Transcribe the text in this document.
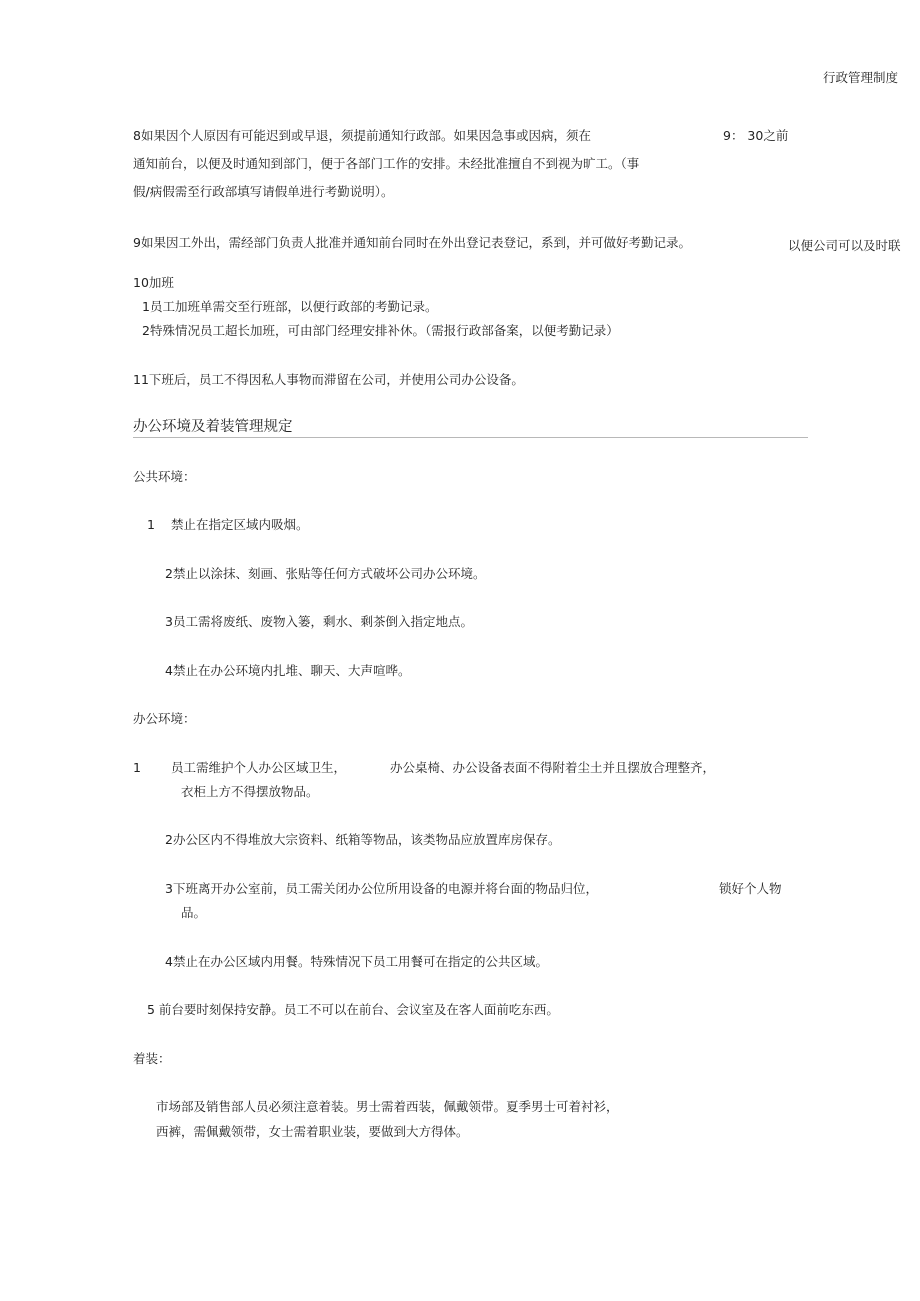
行政管理制度
8如果因个人原因有可能迟到或早退，须提前通知行政部。如果因急事或因病，须在	9： 30之前
通知前台，以便及时通知到部门，便于各部门工作的安排。未经批准擅自不到视为旷工。（事
假/病假需至行政部填写请假单进行考勤说明）。
9如果因工外出，需经部门负责人批准并通知前台同时在外出登记表登记，系到，并可做好考勤记录。	以便公司可以及时联
10加班
1员工加班单需交至行班部，以便行政部的考勤记录。
2特殊情况员工超长加班，可由部门经理安排补休。（需报行政部备案，以便考勤记录）
11下班后，员工不得因私人事物而滞留在公司，并使用公司办公设备。
办公环境及着装管理规定
公共环境：
1 禁止在指定区域内吸烟。
2禁止以涂抹、刻画、张贴等任何方式破坏公司办公环境。
3员工需将废纸、废物入篓，剩水、剩茶倒入指定地点。
4禁止在办公环境内扎堆、聊天、大声喧哗。
办公环境：
1 员工需维护个人办公区域卫生，	办公桌椅、办公设备表面不得附着尘土并且摆放合理整齐，
衣柜上方不得摆放物品。
2办公区内不得堆放大宗资料、纸箱等物品，该类物品应放置库房保存。
3下班离开办公室前，员工需关闭办公位所用设备的电源并将台面的物品归位，	锁好个人物
品。
4禁止在办公区域内用餐。特殊情况下员工用餐可在指定的公共区域。
5 前台要时刻保持安静。员工不可以在前台、会议室及在客人面前吃东西。
着装：
市场部及销售部人员必须注意着装。男士需着西装，佩戴领带。夏季男士可着衬衫，
西裤，需佩戴领带，女士需着职业装，要做到大方得体。
